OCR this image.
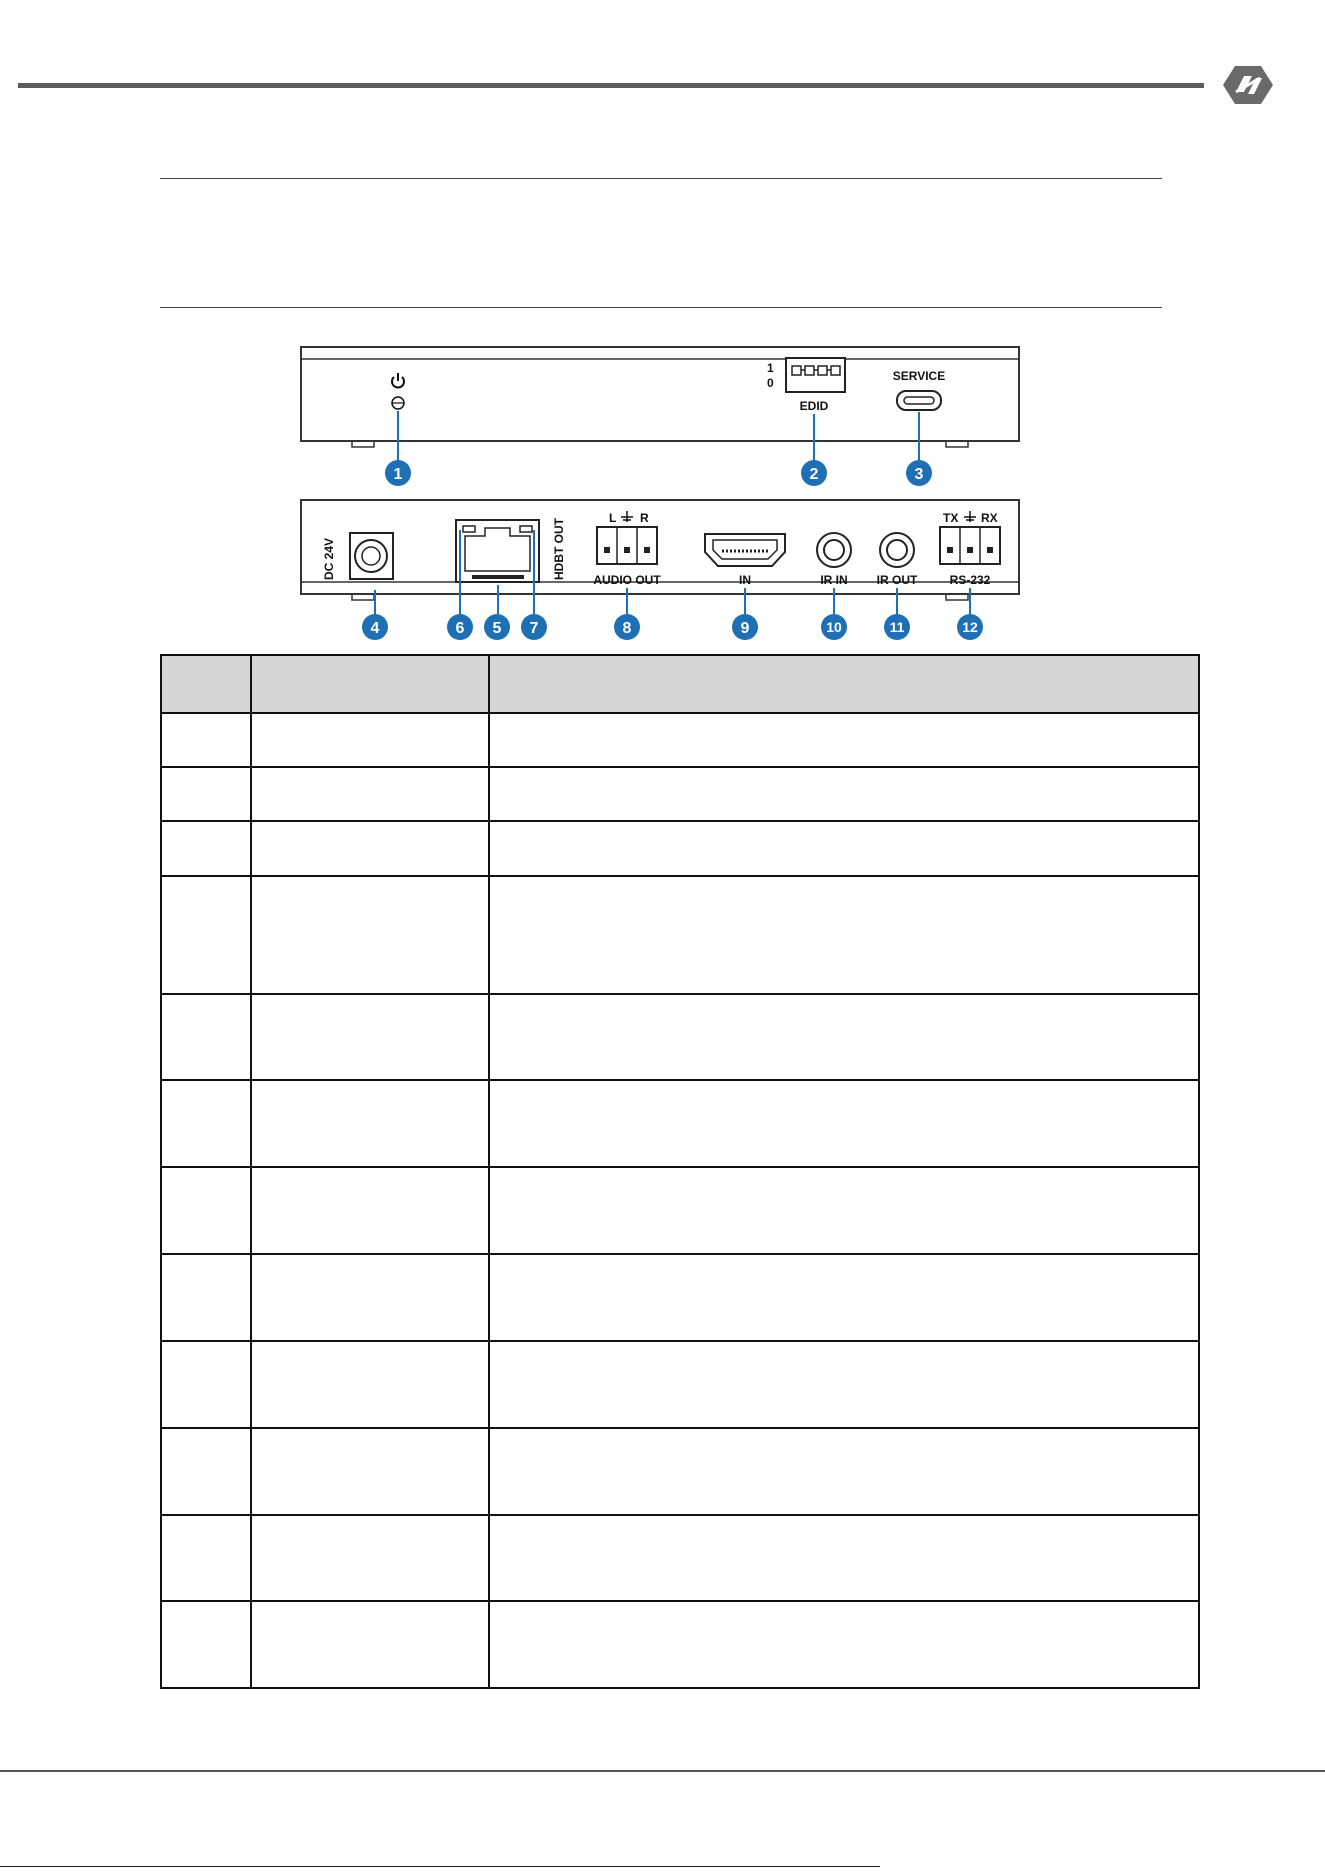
1
0
EDID
SERVICE
DC 24V	HDBT OUT	L R
AUDIO OUT	IN	IR IN IR OUT
TX RX
RS-232
1	2	3
4	6 5 7	8	9	10	11	12
